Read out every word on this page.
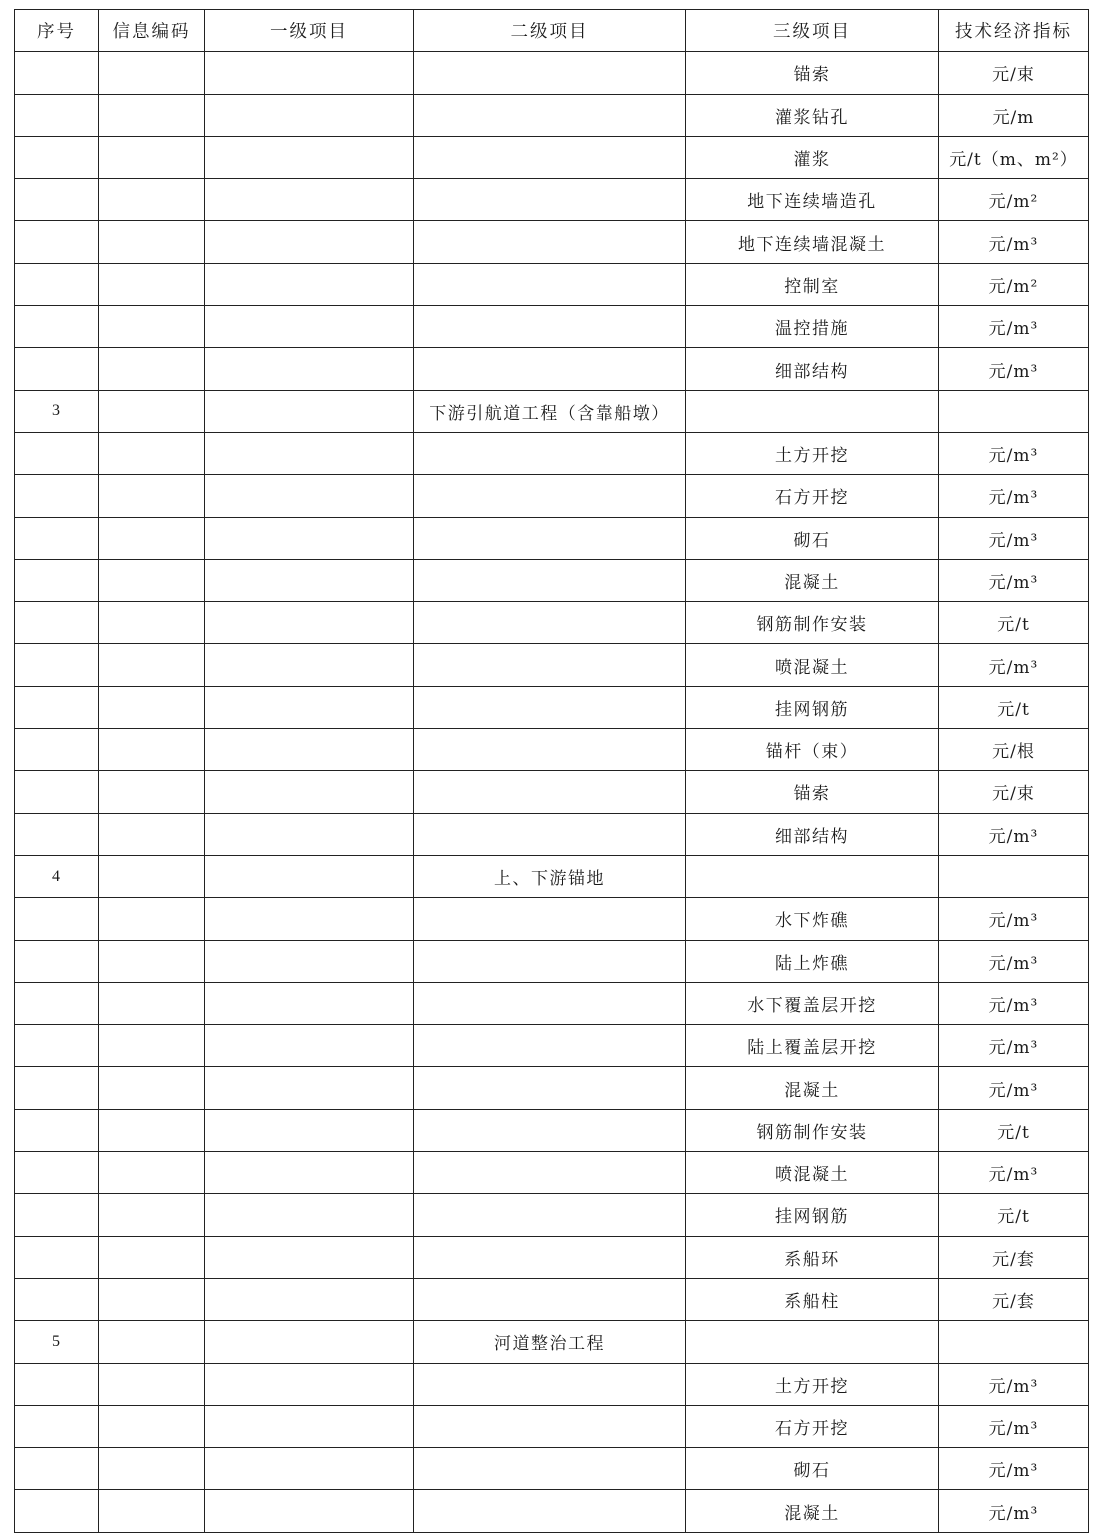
序号	信息编码	一级项目	二级项目	三级项目	技术经济指标
				锚索	元/束
				灌浆钻孔	元/m
				灌浆	元/t（m、m²）
				地下连续墙造孔	元/m²
				地下连续墙混凝土	元/m³
				控制室	元/m²
				温控措施	元/m³
				细部结构	元/m³
3			下游引航道工程（含靠船墩）		
				土方开挖	元/m³
				石方开挖	元/m³
				砌石	元/m³
				混凝土	元/m³
				钢筋制作安装	元/t
				喷混凝土	元/m³
				挂网钢筋	元/t
				锚杆（束）	元/根
				锚索	元/束
				细部结构	元/m³
4			上、下游锚地		
				水下炸礁	元/m³
				陆上炸礁	元/m³
				水下覆盖层开挖	元/m³
				陆上覆盖层开挖	元/m³
				混凝土	元/m³
				钢筋制作安装	元/t
				喷混凝土	元/m³
				挂网钢筋	元/t
				系船环	元/套
				系船柱	元/套
5			河道整治工程		
				土方开挖	元/m³
				石方开挖	元/m³
				砌石	元/m³
				混凝土	元/m³
